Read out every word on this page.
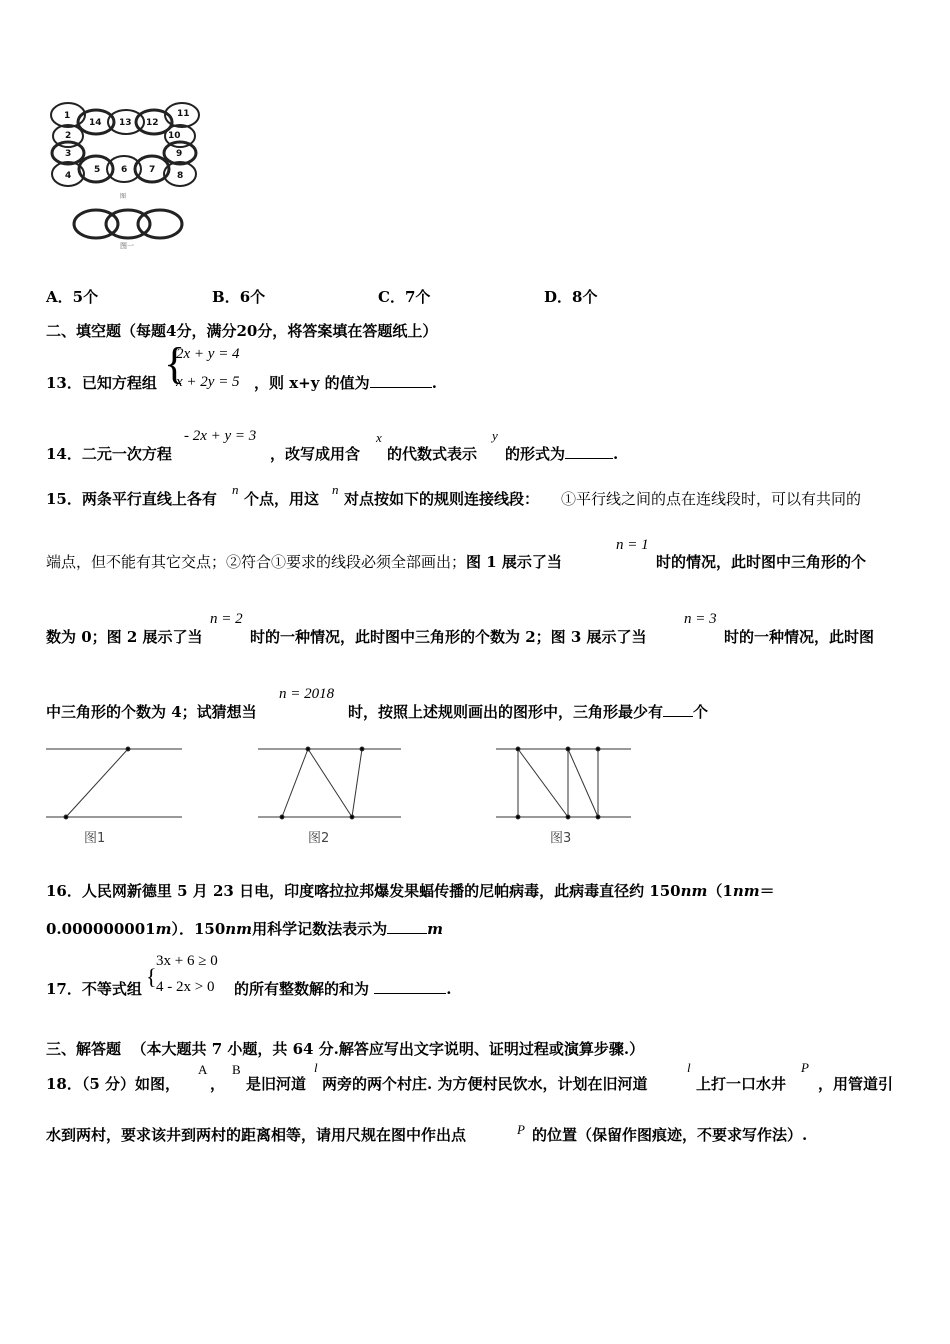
1
14 13 12
11
10
2
9
3
4
5 6 7
8
图
图一
A．5个	B．6个	C．7个	D．8个
二、填空题（每题4分，满分20分，将答案填在答题纸上）
13．已知方程组 {
2x + y = 4
x + 2y = 5 ，则 x+y 的值为	.
14．二元一次方程
- 2x + y = 3
，改写成用含
x
的代数式表示
y
的形式为	.
15．两条平行直线上各有
n
个点，用这
n
对点按如下的规则连接线段： ①平行线之间的点在连线段时，可以有共同的
端点，但不能有其它交点；②符合①要求的线段必须全部画出；图 1 展示了当
n = 1
时的情况，此时图中三角形的个
数为 0；图 2 展示了当
n = 2
时的一种情况，此时图中三角形的个数为 2；图 3 展示了当
n = 3
时的一种情况，此时图
中三角形的个数为 4；试猜想当
n = 2018
时，按照上述规则画出的图形中，三角形最少有 个
图1	图2	图3
16．人民网新德里 5 月 23 日电，印度喀拉拉邦爆发果蝠传播的尼帕病毒，此病毒直径约 150nm（1nm＝
0.000000001m）．150nm用科学记数法表示为	m
17．不等式组 {
3x + 6 ≥ 0
4 - 2x > 0 的所有整数解的和为	.
三、解答题 （本大题共 7 小题，共 64 分.解答应写出文字说明、证明过程或演算步骤.）
18．（5 分）如图，
A
，
B
是旧河道
l
两旁的两个村庄. 为方便村民饮水，计划在旧河道
l
上打一口水井
P
，用管道引
水到两村，要求该井到两村的距离相等，请用尺规在图中作出点	P 的位置（保留作图痕迹，不要求写作法）.
